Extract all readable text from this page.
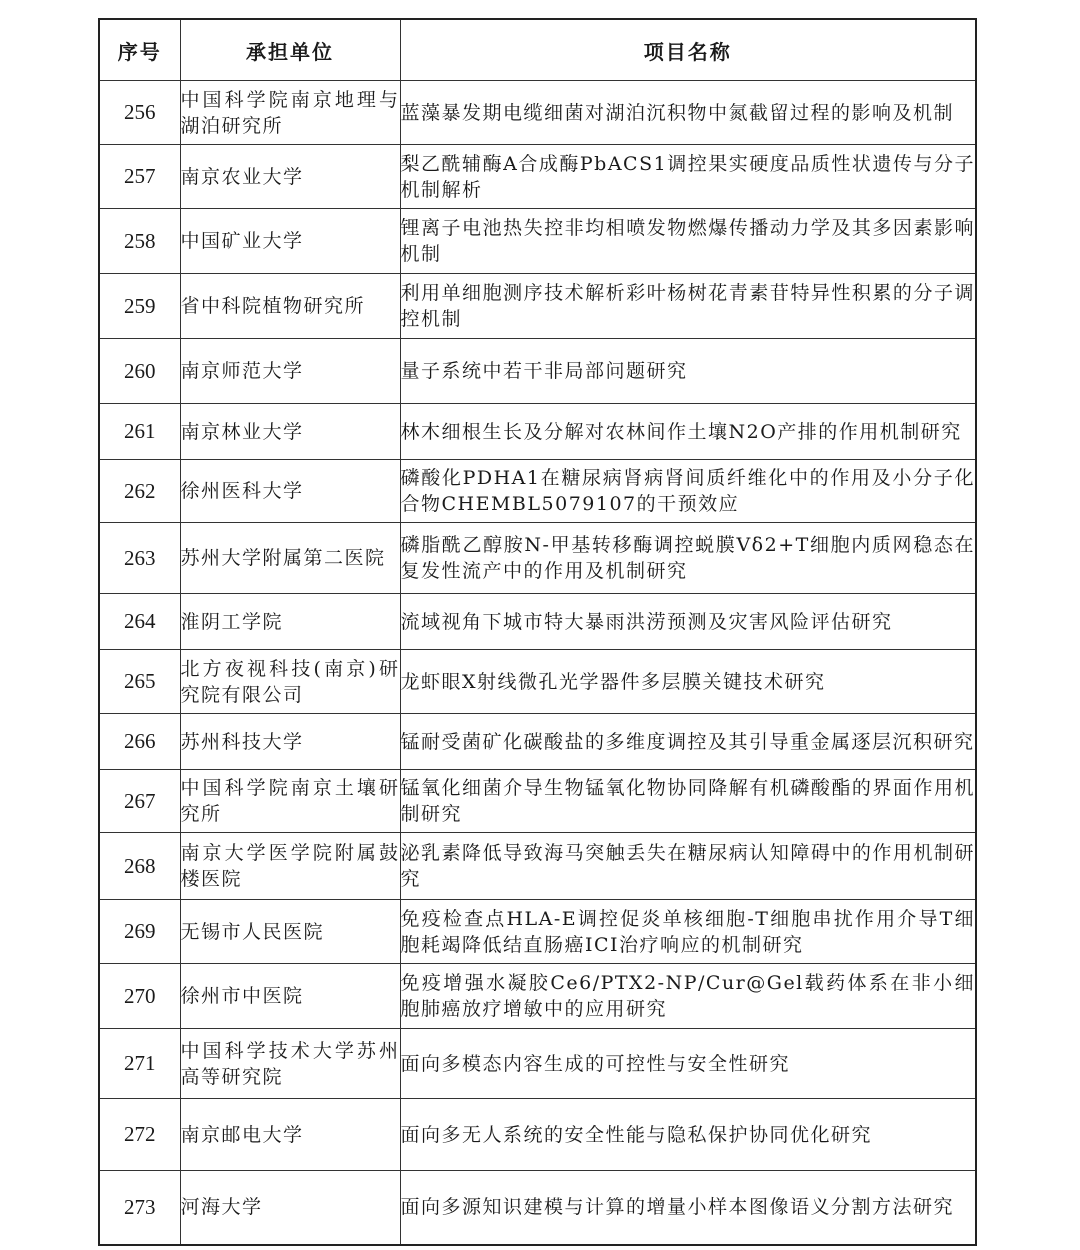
序号	承担单位	项目名称
256	中国科学院南京地理与湖泊研究所	蓝藻暴发期电缆细菌对湖泊沉积物中氮截留过程的影响及机制
257	南京农业大学	梨乙酰辅酶A合成酶PbACS1调控果实硬度品质性状遗传与分子机制解析
258	中国矿业大学	锂离子电池热失控非均相喷发物燃爆传播动力学及其多因素影响机制
259	省中科院植物研究所	利用单细胞测序技术解析彩叶杨树花青素苷特异性积累的分子调控机制
260	南京师范大学	量子系统中若干非局部问题研究
261	南京林业大学	林木细根生长及分解对农林间作土壤N2O产排的作用机制研究
262	徐州医科大学	磷酸化PDHA1在糖尿病肾病肾间质纤维化中的作用及小分子化合物CHEMBL5079107的干预效应
263	苏州大学附属第二医院	磷脂酰乙醇胺N-甲基转移酶调控蜕膜Vδ2+T细胞内质网稳态在复发性流产中的作用及机制研究
264	淮阴工学院	流域视角下城市特大暴雨洪涝预测及灾害风险评估研究
265	北方夜视科技(南京)研究院有限公司	龙虾眼X射线微孔光学器件多层膜关键技术研究
266	苏州科技大学	锰耐受菌矿化碳酸盐的多维度调控及其引导重金属逐层沉积研究
267	中国科学院南京土壤研究所	锰氧化细菌介导生物锰氧化物协同降解有机磷酸酯的界面作用机制研究
268	南京大学医学院附属鼓楼医院	泌乳素降低导致海马突触丢失在糖尿病认知障碍中的作用机制研究
269	无锡市人民医院	免疫检查点HLA-E调控促炎单核细胞-T细胞串扰作用介导T细胞耗竭降低结直肠癌ICI治疗响应的机制研究
270	徐州市中医院	免疫增强水凝胶Ce6/PTX2-NP/Cur@Gel载药体系在非小细胞肺癌放疗增敏中的应用研究
271	中国科学技术大学苏州高等研究院	面向多模态内容生成的可控性与安全性研究
272	南京邮电大学	面向多无人系统的安全性能与隐私保护协同优化研究
273	河海大学	面向多源知识建模与计算的增量小样本图像语义分割方法研究
